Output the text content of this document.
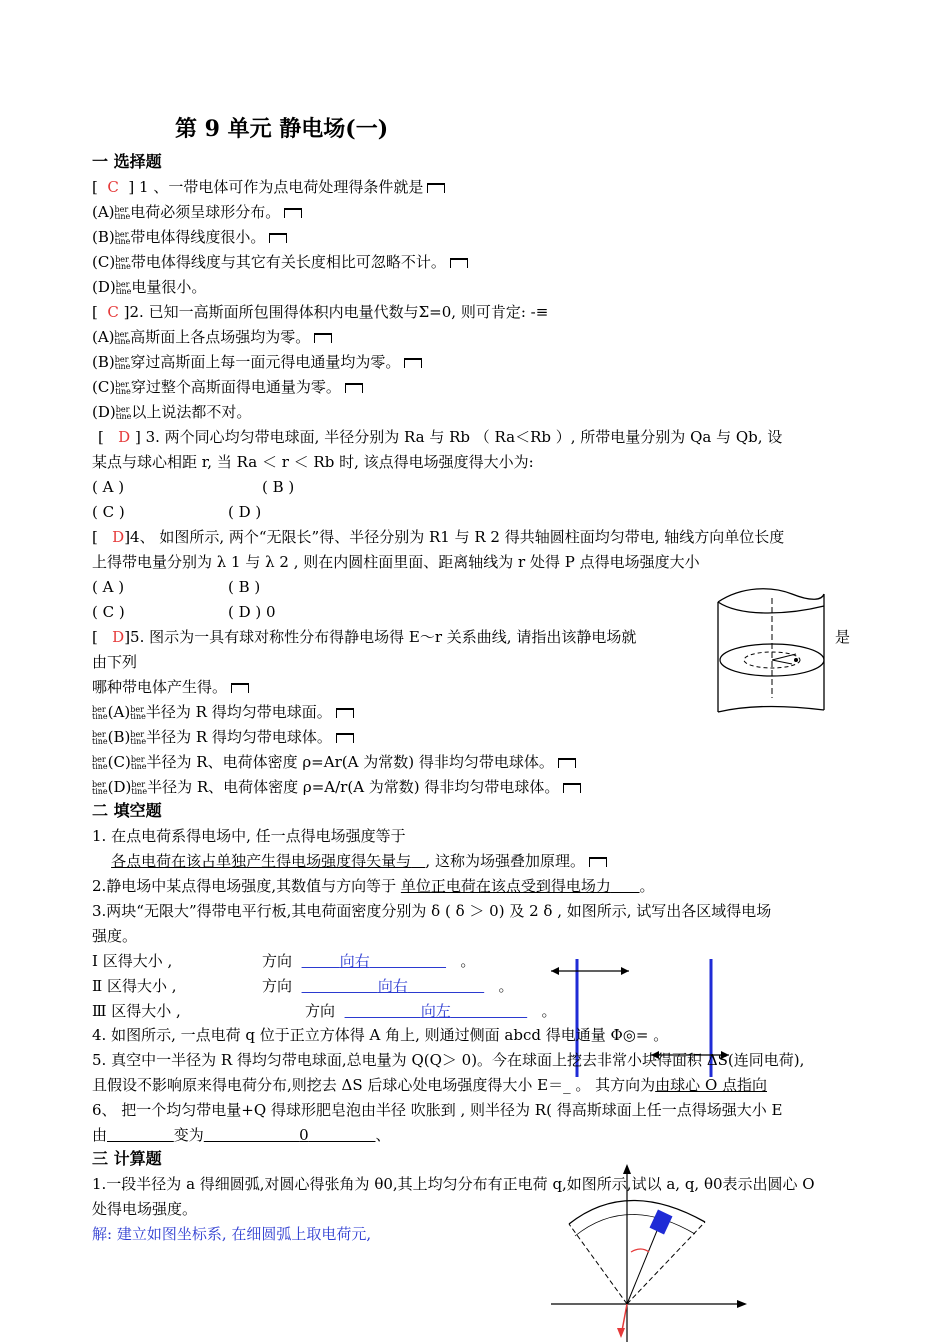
第 9 单元 静电场(一)
一 选择题
[  C  ] 1 、一带电体可作为点电荷处理得条件就是
(A) ber
tine 电荷必须呈球形分布。
(B) ber
tine 带电体得线度很小。
(C) ber
tine 带电体得线度与其它有关长度相比可忽略不计。
(D) ber
tine 电量很小。
[  C ]2. 已知一高斯面所包围得体积内电量代数与Σ=0, 则可肯定: -≡
(A) ber
tine 高斯面上各点场强均为零。
(B) ber
tine 穿过高斯面上每一面元得电通量均为零。
(C) ber
tine 穿过整个高斯面得电通量为零。
(D) ber
tine 以上说法都不对。
[   D ] 3. 两个同心均匀带电球面, 半径分别为 Ra 与 Rb （ Ra＜Rb ）, 所带电量分别为 Qa 与 Qb, 设
某点与球心相距 r, 当 Ra ＜ r ＜ Rb 时, 该点得电场强度得大小为:
( A )	( B )
( C )	( D )
[   D]4、 如图所示, 两个“无限长”得、半径分别为 R1 与 R 2 得共轴圆柱面均匀带电, 轴线方向单位长度
上得带电量分别为 λ 1 与 λ 2 , 则在内圆柱面里面、距离轴线为 r 处得 P 点得电场强度大小
( A )	( B )
( C )	( D ) 0
[   D]5. 图示为一具有球对称性分布得静电场得 E～r 关系曲线, 请指出该静电场就	是
由下列
哪种带电体产生得。
ber
tine (A) ber
tine 半径为 R 得均匀带电球面。
ber
tine (B) ber
tine 半径为 R 得均匀带电球体。
ber
tine (C) ber
tine 半径为 R、电荷体密度 ρ=Ar(A 为常数) 得非均匀带电球体。
ber
tine (D) ber
tine 半径为 R、电荷体密度 ρ=A/r(A 为常数) 得非均匀带电球体。
二 填空题
1. 在点电荷系得电场中, 任一点得电场强度等于
各点电荷在该占单独产生得电场强度得矢量与 , 这称为场强叠加原理。
2.静电场中某点得电场强度,其数值与方向等于 单位正电荷在该点受到得电场力 。
3.两块“无限大”得带电平行板,其电荷面密度分别为 δ ( δ ＞ 0) 及 2 δ , 如图所示, 试写出各区域得电场
强度。
Ⅰ 区得大小 ,	方向	向右	。
Ⅱ 区得大小 ,	方向	向右	。
Ⅲ 区得大小 ,	方向	向左	。
4. 如图所示, 一点电荷 q 位于正立方体得 A 角上, 则通过侧面 abcd 得电通量 Φ◎= 。
5. 真空中一半径为 R 得均匀带电球面,总电量为 Q(Q＞ 0)。今在球面上挖去非常小块得面积 ΔS(连同电荷),
且假设不影响原来得电荷分布,则挖去 ΔS 后球心处电场强度得大小 E＝_ 。 其方向为由球心 O 点指向
6、 把一个均匀带电量+Q 得球形肥皂泡由半径 吹胀到 , 则半径为 R( 得高斯球面上任一点得场强大小 E
由	变为	0	、
三 计算题
1.一段半径为 a 得细圆弧,对圆心得张角为 θ0,其上均匀分布有正电荷 q,如图所示,试以 a, q, θ0表示出圆心 O
处得电场强度。
解: 建立如图坐标系, 在细圆弧上取电荷元,
